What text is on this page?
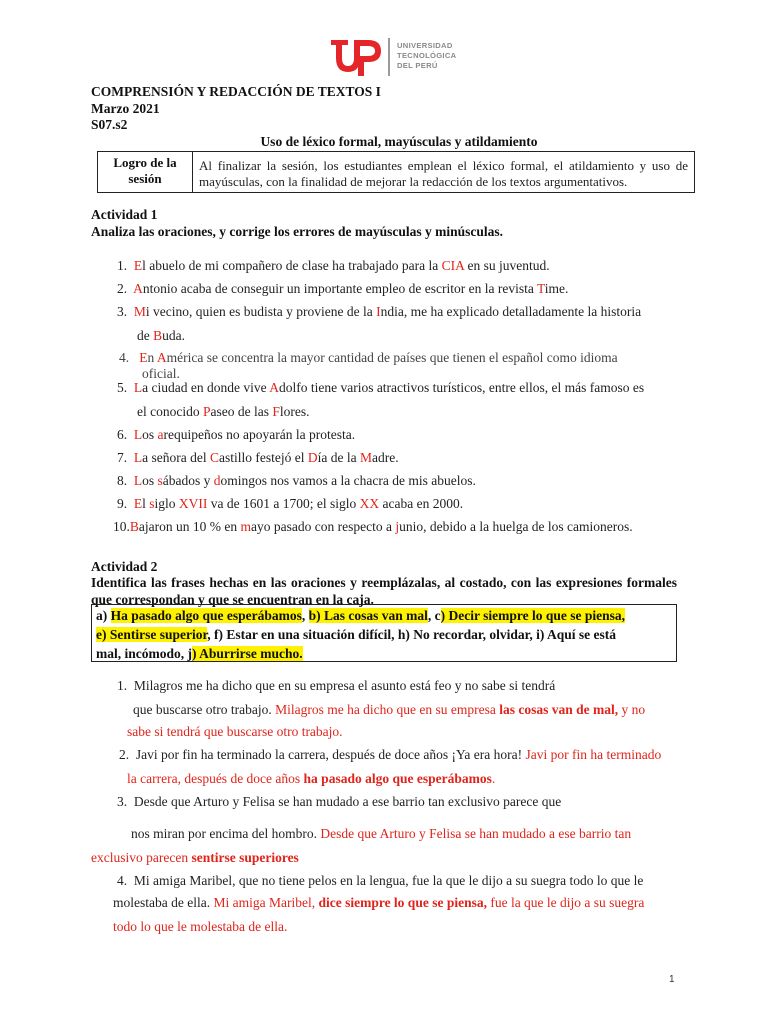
UNIVERSIDAD
TECNOLÓGICA
DEL PERÚ
COMPRENSIÓN Y REDACCIÓN DE TEXTOS I
Marzo 2021
S07.s2
Uso de léxico formal, mayúsculas y atildamiento
Logro de la
sesión
Al finalizar la sesión, los estudiantes emplean el léxico formal, el atildamiento y uso de mayúsculas, con la finalidad de mejorar la redacción de los textos argumentativos.
Actividad 1
Analiza las oraciones, y corrige los errores de mayúsculas y minúsculas.
1.  El abuelo de mi compañero de clase ha trabajado para la CIA en su juventud.
2.  Antonio acaba de conseguir un importante empleo de escritor en la revista Time.
3.  Mi vecino, quien es budista y proviene de la India, me ha explicado detalladamente la historia
de Buda.
4.   En América se concentra la mayor cantidad de países que tienen el español como idioma
oficial.
5.  La ciudad en donde vive Adolfo tiene varios atractivos turísticos, entre ellos, el más famoso es
el conocido Paseo de las Flores.
6.  Los arequipeños no apoyarán la protesta.
7.  La señora del Castillo festejó el Día de la Madre.
8.  Los sábados y domingos nos vamos a la chacra de mis abuelos.
9.  El siglo XVII va de 1601 a 1700; el siglo XX acaba en 2000.
10.Bajaron un 10 % en mayo pasado con respecto a junio, debido a la huelga de los camioneros.
Actividad 2
Identifica las frases hechas en las oraciones y reemplázalas, al costado, con las expresiones formales que correspondan y que se encuentran en la caja.
a) Ha pasado algo que esperábamos, b) Las cosas van mal, c) Decir siempre lo que se piensa,
e) Sentirse superior, f) Estar en una situación difícil, h) No recordar, olvidar, i) Aquí se está
mal, incómodo, j) Aburrirse mucho.
1.  Milagros me ha dicho que en su empresa el asunto está feo y no sabe si tendrá
que buscarse otro trabajo. Milagros me ha dicho que en su empresa las cosas van de mal, y no
sabe si tendrá que buscarse otro trabajo.
2.  Javi por fin ha terminado la carrera, después de doce años ¡Ya era hora! Javi por fin ha terminado
la carrera, después de doce años ha pasado algo que esperábamos.
3.  Desde que Arturo y Felisa se han mudado a ese barrio tan exclusivo parece que
nos miran por encima del hombro. Desde que Arturo y Felisa se han mudado a ese barrio tan
exclusivo parecen sentirse superiores
4.  Mi amiga Maribel, que no tiene pelos en la lengua, fue la que le dijo a su suegra todo lo que le
molestaba de ella. Mi amiga Maribel, dice siempre lo que se piensa, fue la que le dijo a su suegra
todo lo que le molestaba de ella.
1
